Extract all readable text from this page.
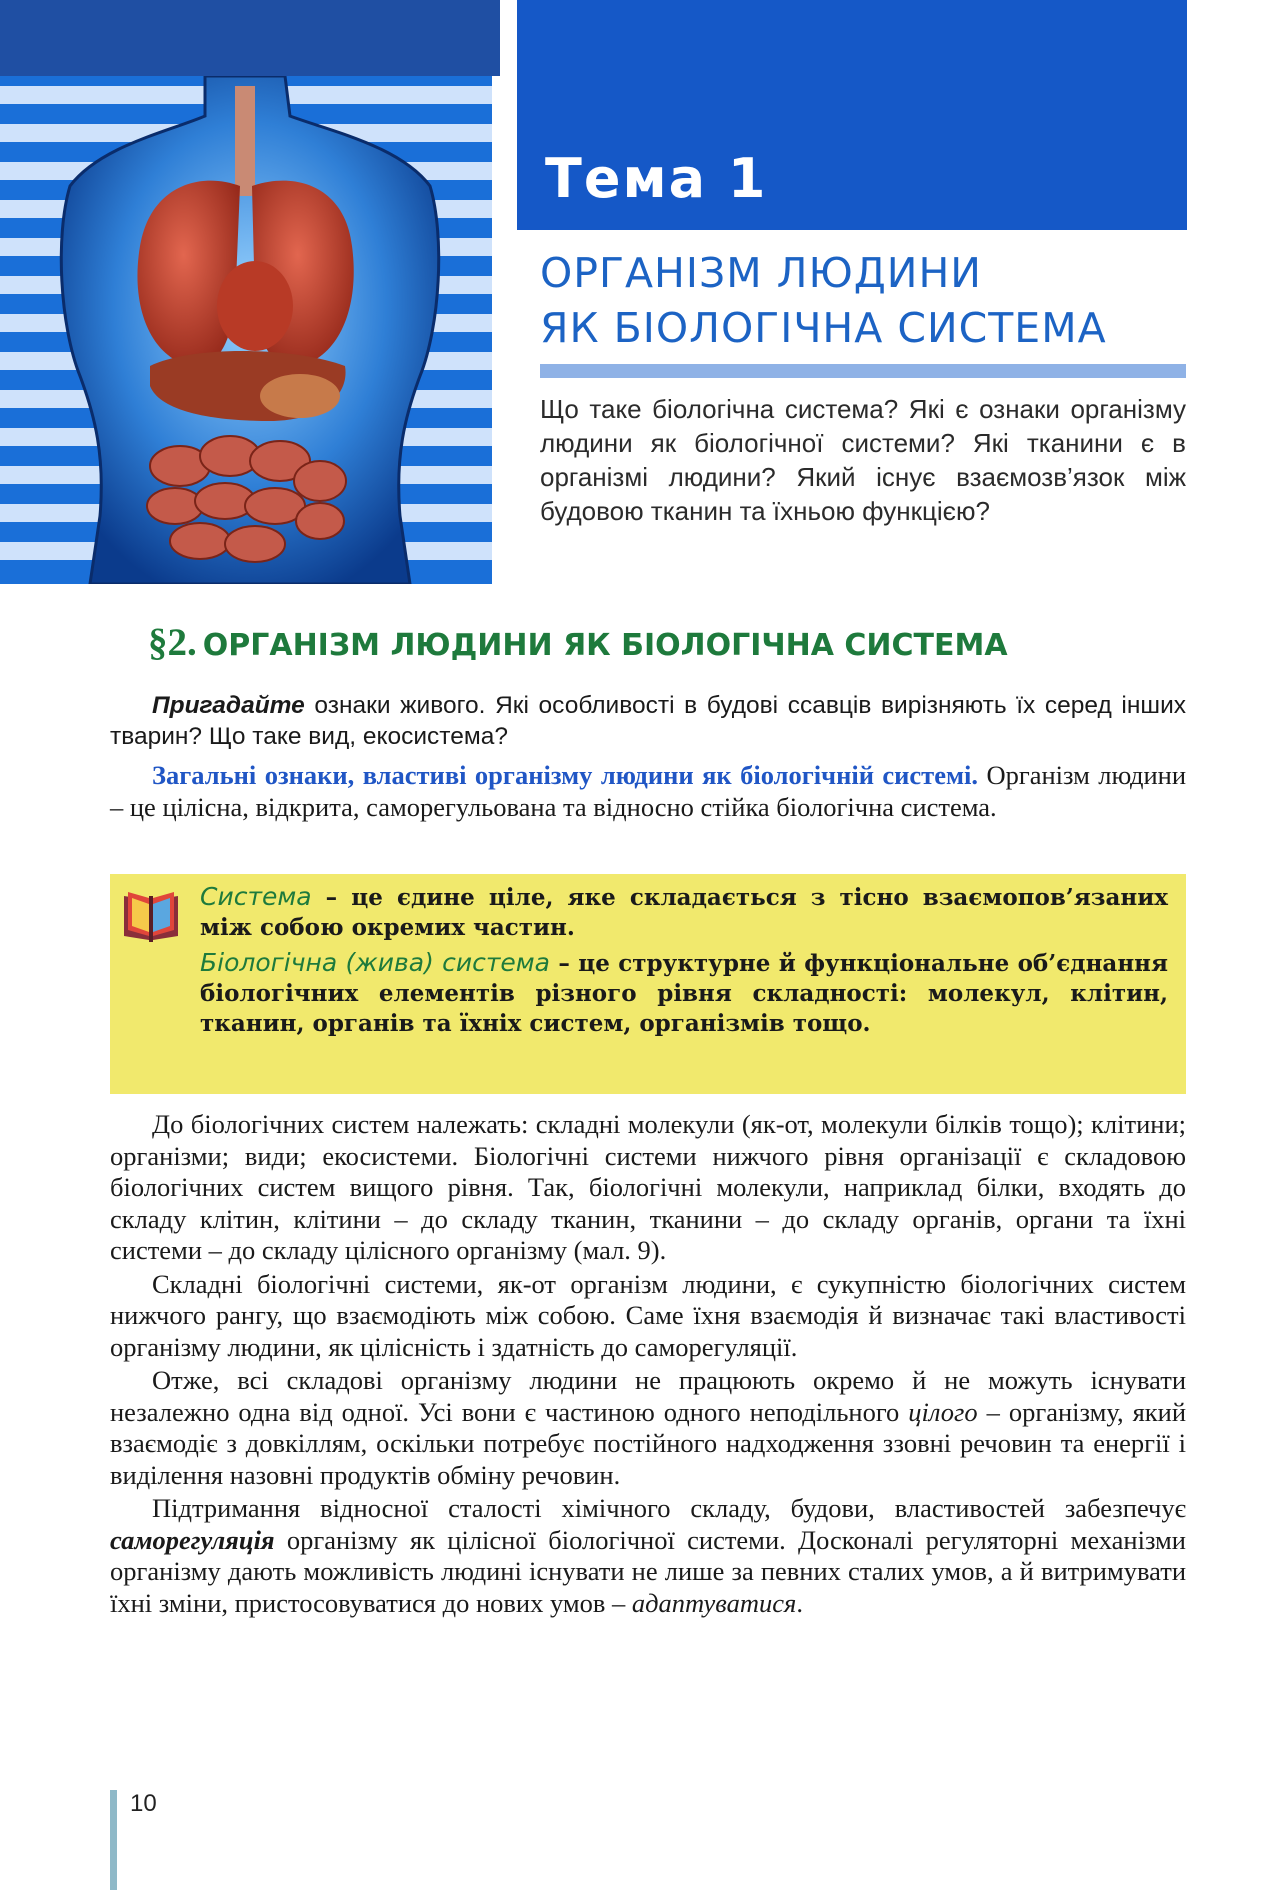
Тема 1
ОРГАНІЗМ ЛЮДИНИ
ЯК БІОЛОГІЧНА СИСТЕМА
Що таке біологічна система? Які є ознаки організму людини як біологічної системи? Які тканини є в організмі людини? Який існує взаємозв’язок між будовою тканин та їхньою функцією?
§2. ОРГАНІЗМ ЛЮДИНИ ЯК БІОЛОГІЧНА СИСТЕМА
Пригадайте ознаки живого. Які особливості в будові ссавців вирізняють їх серед інших тварин? Що таке вид, екосистема?

Загальні ознаки, властиві організму людини як біологічній системі. Організм людини – це цілісна, відкрита, саморегульована та відносно стійка біологічна система.

Система – це єдине ціле, яке складається з тісно взаємопов’язаних між собою окремих частин.

Біологічна (жива) система – це структурне й функціональне об’єднання біологічних елементів різного рівня складності: молекул, клітин, тканин, органів та їхніх систем, організмів тощо.

До біологічних систем належать: складні молекули (як-от, молекули білків тощо); клітини; організми; види; екосистеми. Біологічні системи нижчого рівня організації є складовою біологічних систем вищого рівня. Так, біологічні молекули, наприклад білки, входять до складу клітин, клітини – до складу тканин, тканини – до складу органів, органи та їхні системи – до складу цілісного організму (мал. 9).

Складні біологічні системи, як-от організм людини, є сукупністю біологічних систем нижчого рангу, що взаємодіють між собою. Саме їхня взаємодія й визначає такі властивості організму людини, як цілісність і здатність до саморегуляції.

Отже, всі складові організму людини не працюють окремо й не можуть існувати незалежно одна від одної. Усі вони є частиною одного неподільного цілого – організму, який взаємодіє з довкіллям, оскільки потребує постійного надходження ззовні речовин та енергії і виділення назовні продуктів обміну речовин.

Підтримання відносної сталості хімічного складу, будови, властивостей забезпечує саморегуляція організму як цілісної біологічної системи. Досконалі регуляторні механізми організму дають можливість людині існувати не лише за певних сталих умов, а й витримувати їхні зміни, пристосовуватися до нових умов – адаптуватися.

10
